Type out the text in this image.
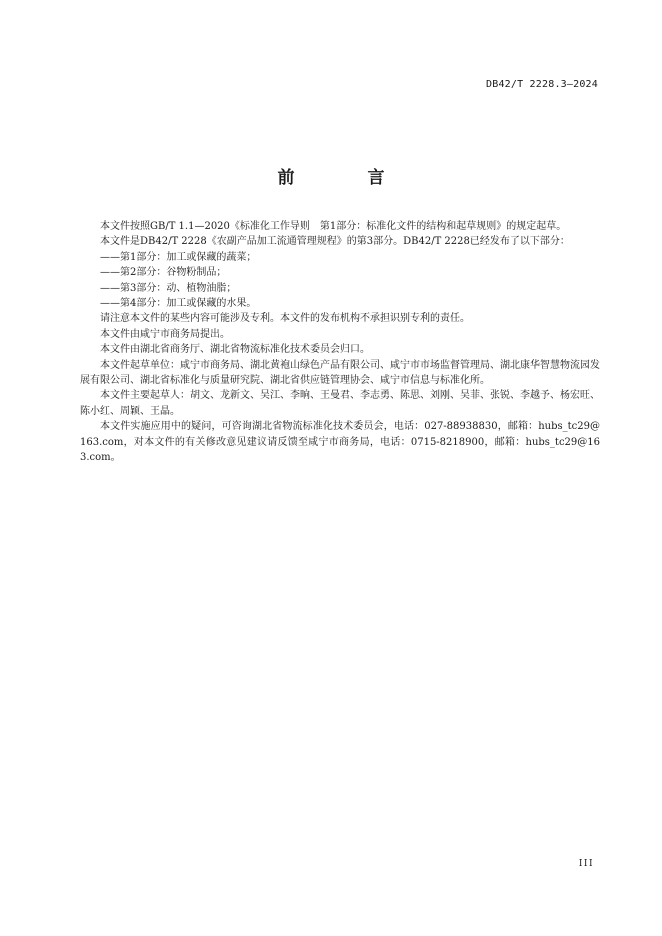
DB42/T 2228.3—2024
前　言

本文件按照GB/T 1.1—2020《标准化工作导则　第1部分：标准化文件的结构和起草规则》的规定起草。

本文件是DB42/T 2228《农副产品加工流通管理规程》的第3部分。DB42/T 2228已经发布了以下部分：

——第1部分：加工或保藏的蔬菜；

——第2部分：谷物粉制品；

——第3部分：动、植物油脂；

——第4部分：加工或保藏的水果。

请注意本文件的某些内容可能涉及专利。本文件的发布机构不承担识别专利的责任。

本文件由咸宁市商务局提出。

本文件由湖北省商务厅、湖北省物流标准化技术委员会归口。

本文件起草单位：咸宁市商务局、湖北黄袍山绿色产品有限公司、咸宁市市场监督管理局、湖北康华智慧物流园发展有限公司、湖北省标准化与质量研究院、湖北省供应链管理协会、咸宁市信息与标准化所。

本文件主要起草人：胡文、龙新文、吴江、李晌、王曼君、李志勇、陈思、刘刚、吴菲、张锐、李越予、杨宏旺、陈小红、周颖、王晶。

本文件实施应用中的疑问，可咨询湖北省物流标准化技术委员会，电话：027-88938830，邮箱：hubs_tc29@163.com，对本文件的有关修改意见建议请反馈至咸宁市商务局，电话：0715-8218900，邮箱：hubs_tc29@163.com。

III
